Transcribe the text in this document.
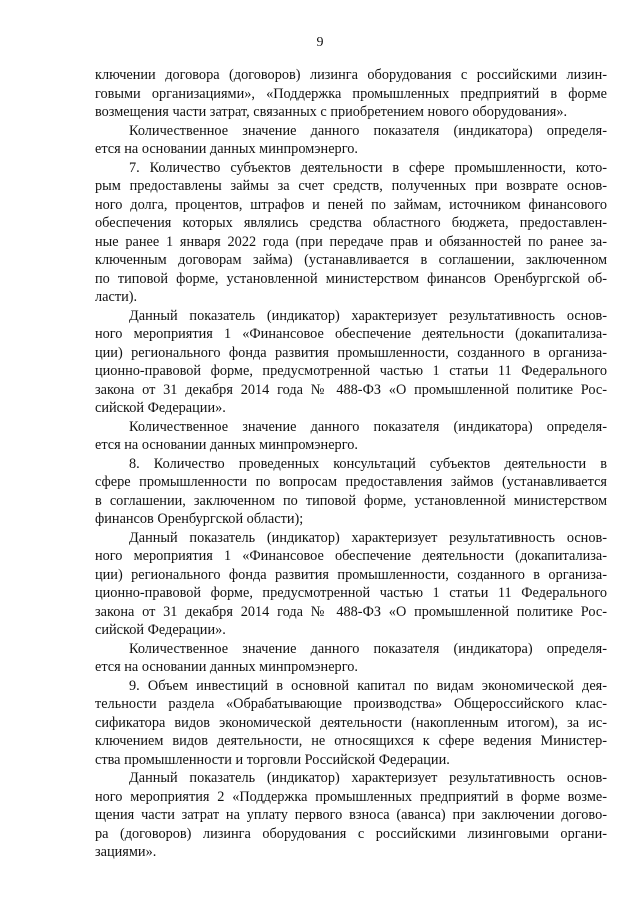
9
ключении договора (договоров) лизинга оборудования с российскими лизин-
говыми организациями», «Поддержка промышленных предприятий в форме
возмещения части затрат, связанных с приобретением нового оборудования».
Количественное значение данного показателя (индикатора) определя-
ется на основании данных минпромэнерго.
7. Количество субъектов деятельности в сфере промышленности, кото-
рым предоставлены займы за счет средств, полученных при возврате основ-
ного долга, процентов, штрафов и пеней по займам, источником финансового
обеспечения которых являлись средства областного бюджета, предоставлен-
ные ранее 1 января 2022 года (при передаче прав и обязанностей по ранее за-
ключенным договорам займа) (устанавливается в соглашении, заключенном
по типовой форме, установленной министерством финансов Оренбургской об-
ласти).
Данный показатель (индикатор) характеризует результативность основ-
ного мероприятия 1 «Финансовое обеспечение деятельности (докапитализа-
ции) регионального фонда развития промышленности, созданного в организа-
ционно-правовой форме, предусмотренной частью 1 статьи 11 Федерального
закона от 31 декабря 2014 года № 488-ФЗ «О промышленной политике Рос-
сийской Федерации».
Количественное значение данного показателя (индикатора) определя-
ется на основании данных минпромэнерго.
8. Количество проведенных консультаций субъектов деятельности в
сфере промышленности по вопросам предоставления займов (устанавливается
в соглашении, заключенном по типовой форме, установленной министерством
финансов Оренбургской области);
Данный показатель (индикатор) характеризует результативность основ-
ного мероприятия 1 «Финансовое обеспечение деятельности (докапитализа-
ции) регионального фонда развития промышленности, созданного в организа-
ционно-правовой форме, предусмотренной частью 1 статьи 11 Федерального
закона от 31 декабря 2014 года № 488-ФЗ «О промышленной политике Рос-
сийской Федерации».
Количественное значение данного показателя (индикатора) определя-
ется на основании данных минпромэнерго.
9. Объем инвестиций в основной капитал по видам экономической дея-
тельности раздела «Обрабатывающие производства» Общероссийского клас-
сификатора видов экономической деятельности (накопленным итогом), за ис-
ключением видов деятельности, не относящихся к сфере ведения Министер-
ства промышленности и торговли Российской Федерации.
Данный показатель (индикатор) характеризует результативность основ-
ного мероприятия 2 «Поддержка промышленных предприятий в форме возме-
щения части затрат на уплату первого взноса (аванса) при заключении догово-
ра (договоров) лизинга оборудования с российскими лизинговыми органи-
зациями».
